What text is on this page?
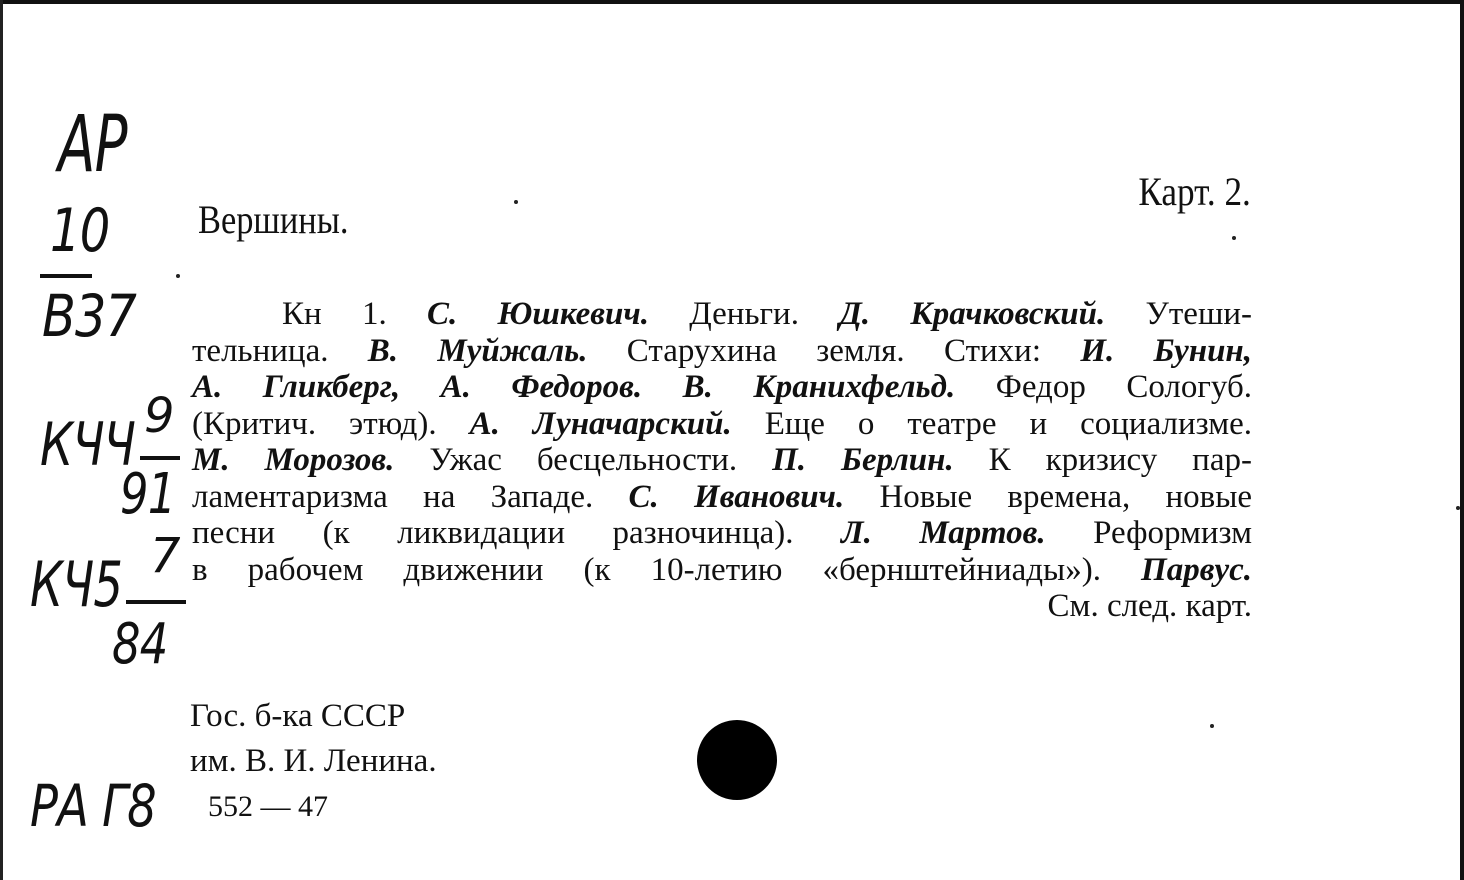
AP
10
B37
КЧЧ 9
91
КЧ5 7
84
РА Г8
Вершины.
Карт. 2.
Кн 1. С. Юшкевич. Деньги. Д. Крачковский. Утеши-
тельница. В. Муйжаль. Старухина земля. Стихи: И. Бунин,
А. Гликберг, А. Федоров. В. Кранихфельд. Федор Сологуб.
(Критич. этюд). А. Луначарский. Еще о театре и социализме.
М. Морозов. Ужас бесцельности. П. Берлин. К кризису пар-
ламентаризма на Западе. С. Иванович. Новые времена, новые
песни (к ликвидации разночинца). Л. Мартов. Реформизм
в рабочем движении (к 10-летию «бернштейниады»). Парвус.
См. след. карт.
Гос. б-ка СССР
им. В. И. Ленина.
552 — 47
